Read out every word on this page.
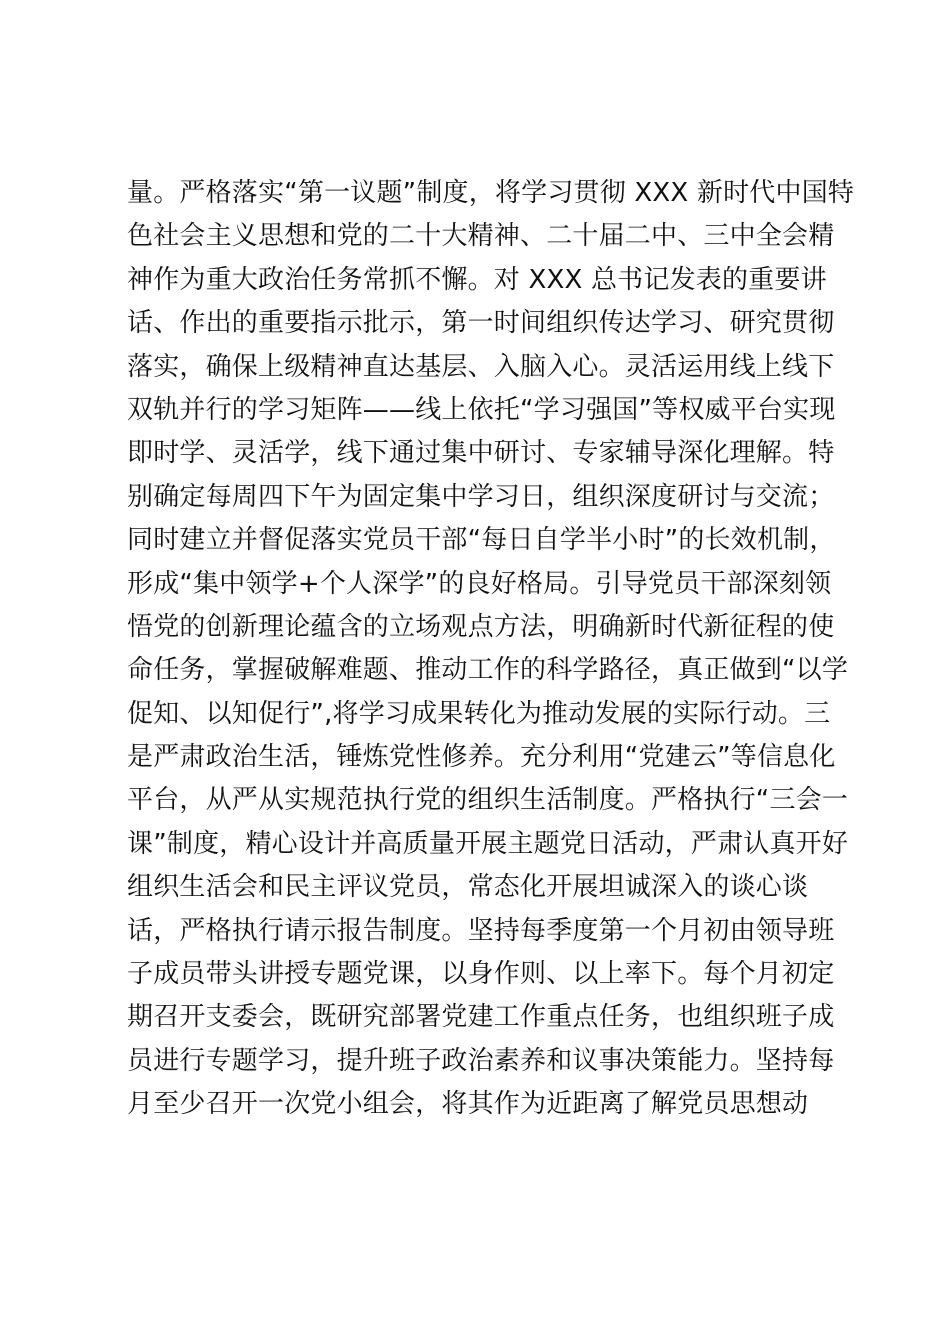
量。严格落实“第一议题”制度，将学习贯彻 XXX 新时代中国特
色社会主义思想和党的二十大精神、二十届二中、三中全会精
神作为重大政治任务常抓不懈。对 XXX 总书记发表的重要讲
话、作出的重要指示批示，第一时间组织传达学习、研究贯彻
落实，确保上级精神直达基层、入脑入心。灵活运用线上线下
双轨并行的学习矩阵——线上依托“学习强国”等权威平台实现
即时学、灵活学，线下通过集中研讨、专家辅导深化理解。特
别确定每周四下午为固定集中学习日，组织深度研讨与交流；
同时建立并督促落实党员干部“每日自学半小时”的长效机制，
形成“集中领学+个人深学”的良好格局。引导党员干部深刻领
悟党的创新理论蕴含的立场观点方法，明确新时代新征程的使
命任务，掌握破解难题、推动工作的科学路径，真正做到“以学
促知、以知促行”,将学习成果转化为推动发展的实际行动。三
是严肃政治生活，锤炼党性修养。充分利用“党建云”等信息化
平台，从严从实规范执行党的组织生活制度。严格执行“三会一
课”制度，精心设计并高质量开展主题党日活动，严肃认真开好
组织生活会和民主评议党员，常态化开展坦诚深入的谈心谈
话，严格执行请示报告制度。坚持每季度第一个月初由领导班
子成员带头讲授专题党课，以身作则、以上率下。每个月初定
期召开支委会，既研究部署党建工作重点任务，也组织班子成
员进行专题学习，提升班子政治素养和议事决策能力。坚持每
月至少召开一次党小组会，将其作为近距离了解党员思想动
